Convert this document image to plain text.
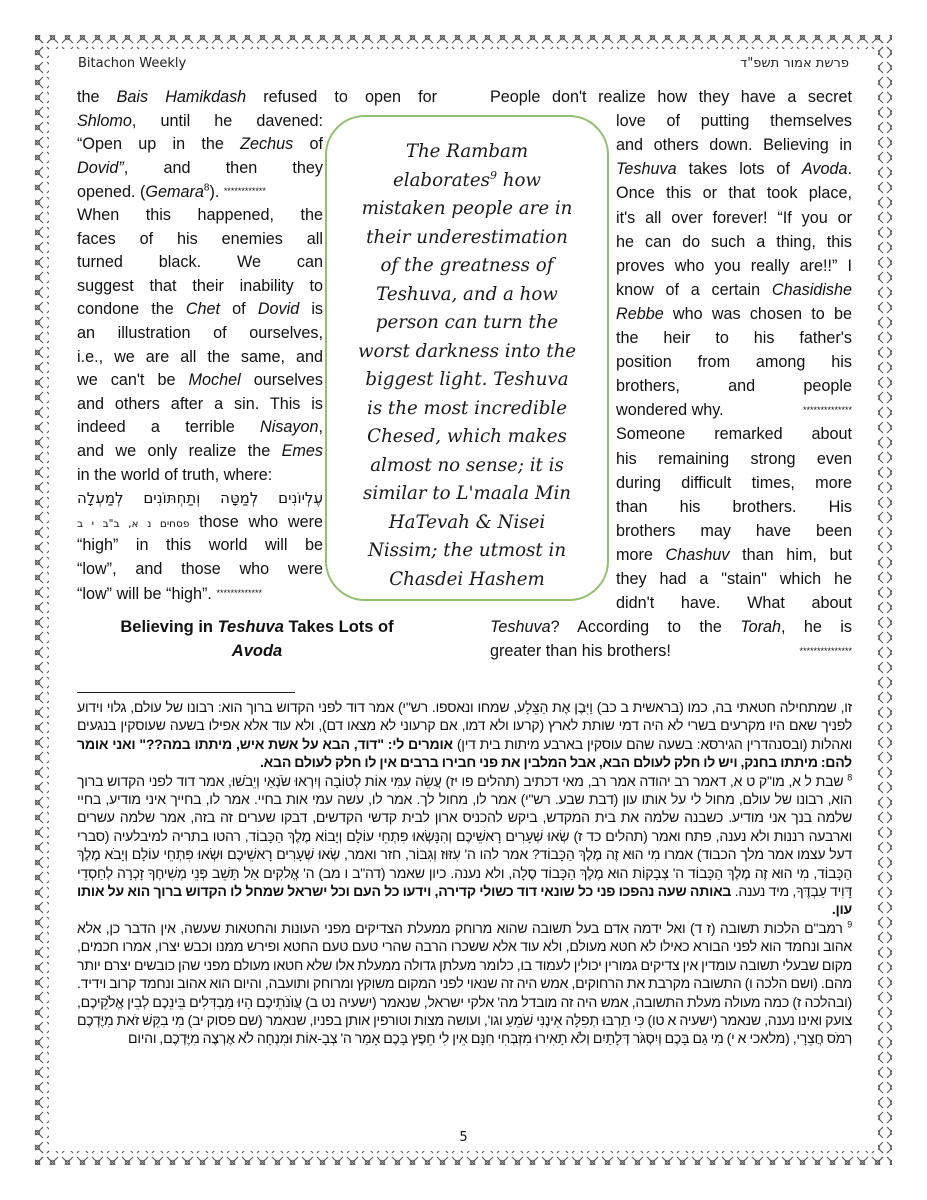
Bitachon Weekly	פרשת אמור תשפ"ד
the Bais Hamikdash refused to open for
Shlomo, until he davened:
“Open up in the Zechus of
Dovid”, and then they
opened. (Gemara$^8$). ************
When this happened, the
faces of his enemies all
turned black. We can
suggest that their inability to
condone the Chet of Dovid is
an illustration of ourselves,
i.e., we are all the same, and
we can't be Mochel ourselves
and others after a sin. This is
indeed a terrible Nisayon,
and we only realize the Emes
in the world of truth, where:
עֶלְיוֹנִים לְמַטָּה וְתַחְתּוֹנִים לְמַעְלָה
פסחים נ א, ב"ב י ב those who were
“high” in this world will be
“low”, and those who were
“low” will be “high”. *************
Believing in Teshuva Takes Lots of
Avoda
The Rambam
elaborates$^9$ how
mistaken people are in
their underestimation
of the greatness of
Teshuva, and a how
person can turn the
worst darkness into the
biggest light. Teshuva
is the most incredible
Chesed, which makes
almost no sense; it is
similar to L'maala Min
HaTevah & Nisei
Nissim; the utmost in
Chasdei Hashem
People don't realize how they have a secret
love of putting themselves
and others down. Believing in
Teshuva takes lots of Avoda.
Once this or that took place,
it's all over forever! “If you or
he can do such a thing, this
proves who you really are!!” I
know of a certain Chasidishe
Rebbe who was chosen to be
the heir to his father's
position from among his
brothers, and people
wondered why.	**************
Someone remarked about
his remaining strong even
during difficult times, more
than his brothers. His
brothers may have been
more Chashuv than him, but
they had a "stain" which he
didn't have. What about
Teshuva? According to the Torah, he is
greater than his brothers!	***************

זו, שמתחילה חטאתי בה, כמו (בראשית ב כב) וַיִּבֶן אֶת הַצֵּלָע, שמחו ונאספו. רש"י) אמר דוד לפני הקדוש ברוך הוא: רבונו של עולם, גלוי וידוע לפניך שאם היו מקרעים בשרי לא היה דמי שותת לארץ (קרעו ולא דמו, אם קרעוני לא מצאו דם), ולא עוד אלא אפילו בשעה שעוסקין בנגעים ואהלות (ובסנהדרין הגירסא: בשעה שהם עוסקין בארבע מיתות בית דין) אומרים לי: "דוד, הבא על אשת איש, מיתתו במה??" ואני אומר להם: מיתתו בחנק, ויש לו חלק לעולם הבא, אבל המלבין את פני חבירו ברבים אין לו חלק לעולם הבא.

$^8$ שבת ל א, מו"ק ט א, דאמר רב יהודה אמר רב, מאי דכתיב (תהלים פו יז) עֲשֵׂה עִמִּי אוֹת לְטוֹבָה וְיִרְאוּ שֹׂנְאַי וְיֵבֹשׁוּ, אמר דוד לפני הקדוש ברוך הוא, רבונו של עולם, מחול לי על אותו עון (דבת שבע. רש"י) אמר לו, מחול לך. אמר לו, עשה עמי אות בחיי. אמר לו, בחייך איני מודיע, בחיי שלמה בנך אני מודיע. כשבנה שלמה את בית המקדש, ביקש להכניס ארון לבית קדשי הקדשים, דבקו שערים זה בזה, אמר שלמה עשרים וארבעה רננות ולא נענה, פתח ואמר (תהלים כד ז) שְׂאוּ שְׁעָרִים רָאשֵׁיכֶם וְהִנָּשְׂאוּ פִּתְחֵי עוֹלָם וְיָבוֹא מֶלֶךְ הַכָּבוֹד, רהטו בתריה למיבלעיה (סברי דעל עצמו אמר מלך הכבוד) אמרו מִי הוּא זֶה מֶלֶךְ הַכָּבוֹד? אמר להו ה' עִזּוּז וְגִבּוֹר, חזר ואמר, שְׂאוּ שְׁעָרִים רָאשֵׁיכֶם וּשְׂאוּ פִּתְחֵי עוֹלָם וְיָבֹא מֶלֶךְ הַכָּבוֹד, מִי הוּא זֶה מֶלֶךְ הַכָּבוֹד ה' צְבָקוֹת הוּא מֶלֶךְ הַכָּבוֹד סֶלָה, ולא נענה. כיון שאמר (דה"ב ו מב) ה' אֱלקִים אַל תָּשֵׁב פְּנֵי מְשִׁיחֶךָ זָכְרָה לְחַסְדֵי דָּוִיד עַבְדֶּךָ, מיד נענה. באותה שעה נהפכו פני כל שונאי דוד כשולי קדירה, וידעו כל העם וכל ישראל שמחל לו הקדוש ברוך הוא על אותו עון.

$^9$ רמב"ם הלכות תשובה (ז ד) ואל ידמה אדם בעל תשובה שהוא מרוחק ממעלת הצדיקים מפני העונות והחטאות שעשה, אין הדבר כן, אלא אהוב ונחמד הוא לפני הבורא כאילו לא חטא מעולם, ולא עוד אלא ששכרו הרבה שהרי טעם טעם החטא ופירש ממנו וכבש יצרו, אמרו חכמים, מקום שבעלי תשובה עומדין אין צדיקים גמורין יכולין לעמוד בו, כלומר מעלתן גדולה ממעלת אלו שלא חטאו מעולם מפני שהן כובשים יצרם יותר מהם. (ושם הלכה ו) התשובה מקרבת את הרחוקים, אמש היה זה שנאוי לפני המקום משוקץ ומרוחק ותועבה, והיום הוא אהוב ונחמד קרוב וידיד. (ובהלכה ז) כמה מעולה מעלת התשובה, אמש היה זה מובדל מה' אלקי ישראל, שנאמר (ישעיה נט ב) עֲוֺנֹתֵיכֶם הָיוּ מַבְדִּלִים בֵּינֵכֶם לְבֵין אֱלֹקֵיכֶם, צועק ואינו נענה, שנאמר (ישעיה א טו) כִּי תַרְבּוּ תְפִלָּה אֵינֶנִּי שֹׁמֵעַ וגו', ועושה מצות וטורפין אותן בפניו, שנאמר (שם פסוק יב) מִי בִקֵּשׁ זֹאת מִיֶּדְכֶם רְמֹס חֲצֵרָי, (מלאכי א י) מִי גַם בָּכֶם וְיִסְגֹּר דְּלָתַיִם וְלֹא תָאִירוּ מִזְבְּחִי חִנָּם אֵין לִי חֵפֶץ בָּכֶם אָמַר ה' צְבָ-אוֹת וּמִנְחָה לֹא אֶרְצֶה מִיֶּדְכֶם, והיום

5
